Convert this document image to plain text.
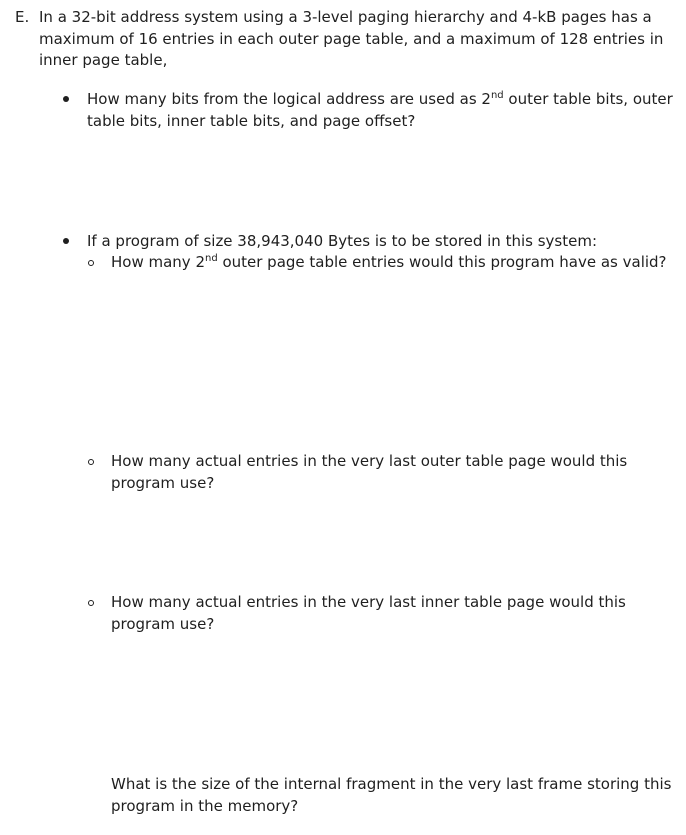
E. In a 32-bit address system using a 3-level paging hierarchy and 4-kB pages has a
maximum of 16 entries in each outer page table, and a maximum of 128 entries in
inner page table,
How many bits from the logical address are used as 2nd outer table bits, outer
table bits, inner table bits, and page offset?
If a program of size 38,943,040 Bytes is to be stored in this system:
How many 2nd outer page table entries would this program have as valid?
How many actual entries in the very last outer table page would this
program use?
How many actual entries in the very last inner table page would this
program use?
What is the size of the internal fragment in the very last frame storing this
program in the memory?
